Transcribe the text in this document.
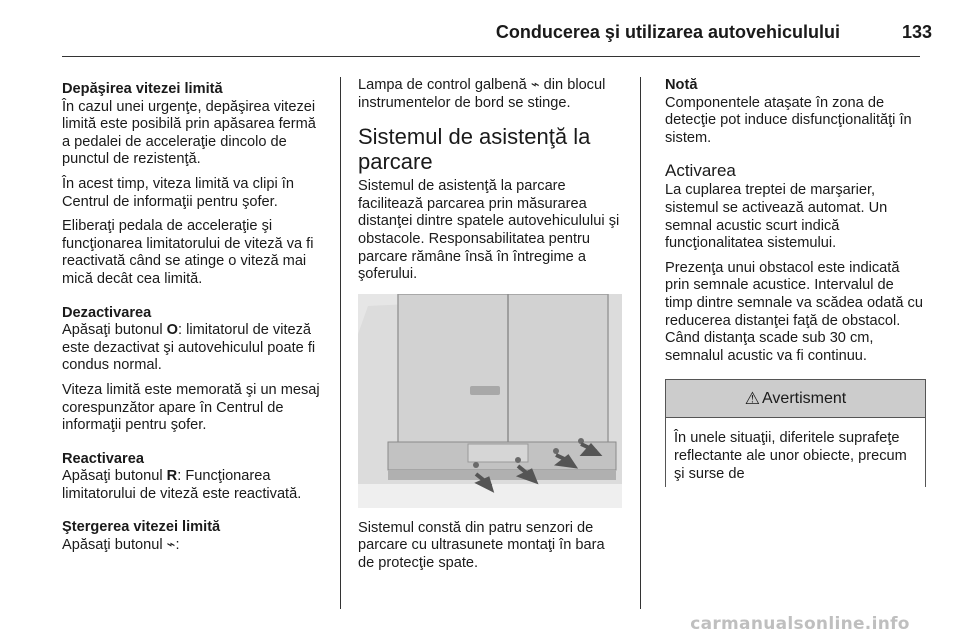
Conducerea şi utilizarea autovehiculului	133
Depăşirea vitezei limită

În cazul unei urgenţe, depăşirea vitezei limită este posibilă prin apăsarea fermă a pedalei de acceleraţie dincolo de punctul de rezistenţă.

În acest timp, viteza limită va clipi în Centrul de informaţii pentru şofer.

Eliberaţi pedala de acceleraţie şi funcţionarea limitatorului de viteză va fi reactivată când se atinge o viteză mai mică decât cea limită.

Dezactivarea

Apăsaţi butonul O: limitatorul de viteză este dezactivat şi autovehiculul poate fi condus normal.

Viteza limită este memorată şi un mesaj corespunzător apare în Centrul de informaţii pentru şofer.

Reactivarea

Apăsaţi butonul R: Funcţionarea limitatorului de viteză este reactivată.

Ştergerea vitezei limită

Apăsaţi butonul ⌁:

Lampa de control galbenă ⌁ din blocul instrumentelor de bord se stinge.

Sistemul de asistenţă la parcare

Sistemul de asistenţă la parcare facilitează parcarea prin măsurarea distanţei dintre spatele autovehiculului şi obstacole. Responsabilitatea pentru parcare rămâne însă în întregime a şoferului.

Sistemul constă din patru senzori de parcare cu ultrasunete montaţi în bara de protecţie spate.

Notă

Componentele ataşate în zona de detecţie pot induce disfuncţionalităţi în sistem.

Activarea

La cuplarea treptei de marşarier, sistemul se activează automat. Un semnal acustic scurt indică funcţionalitatea sistemului.

Prezenţa unui obstacol este indicată prin semnale acustice. Intervalul de timp dintre semnale va scădea odată cu reducerea distanţei faţă de obstacol. Când distanţa scade sub 30 cm, semnalul acustic va fi continuu.

⚠ Avertisment
În unele situaţii, diferitele suprafeţe reflectante ale unor obiecte, precum şi surse de
carmanualsonline.info
